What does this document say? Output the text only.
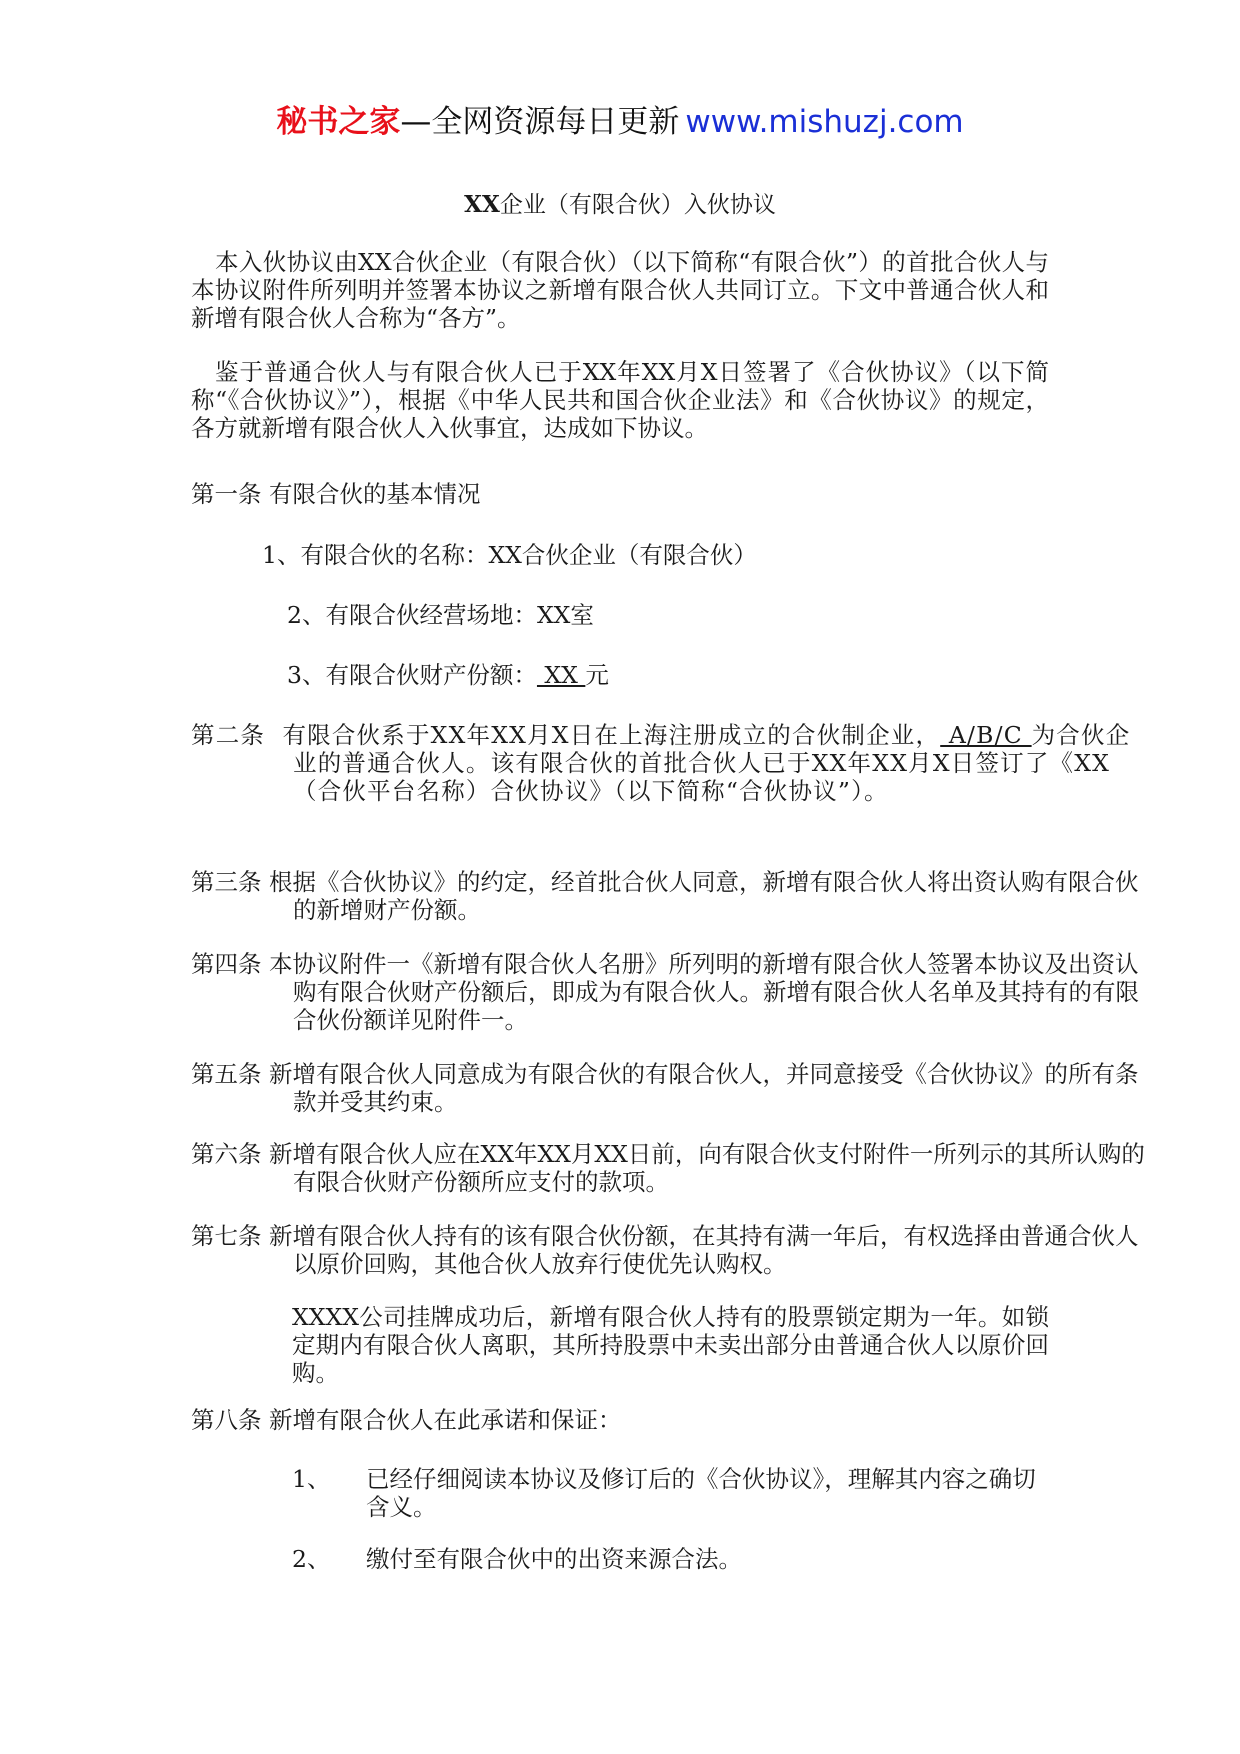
秘书之家—全网资源每日更新 www.mishuzj.com
XX企业（有限合伙）入伙协议
本入伙协议由XX合伙企业（有限合伙）（以下简称“有限合伙”）的首批合伙人与本协议附件所列明并签署本协议之新增有限合伙人共同订立。下文中普通合伙人和新增有限合伙人合称为“各方”。
鉴于普通合伙人与有限合伙人已于XX年XX月X日签署了《合伙协议》（以下简称“《合伙协议》”），根据《中华人民共和国合伙企业法》和《合伙协议》的规定，各方就新增有限合伙人入伙事宜，达成如下协议。
第一条 有限合伙的基本情况
1、有限合伙的名称：XX合伙企业（有限合伙）
2、有限合伙经营场地：XX室
3、有限合伙财产份额： XX 元
第二条 有限合伙系于XX年XX月X日在上海注册成立的合伙制企业， A/B/C 为合伙企业的普通合伙人。该有限合伙的首批合伙人已于XX年XX月X日签订了《XX（合伙平台名称）合伙协议》（以下简称“合伙协议”）。
第三条 根据《合伙协议》的约定，经首批合伙人同意，新增有限合伙人将出资认购有限合伙的新增财产份额。
第四条 本协议附件一《新增有限合伙人名册》所列明的新增有限合伙人签署本协议及出资认购有限合伙财产份额后，即成为有限合伙人。新增有限合伙人名单及其持有的有限合伙份额详见附件一。
第五条 新增有限合伙人同意成为有限合伙的有限合伙人，并同意接受《合伙协议》的所有条款并受其约束。
第六条 新增有限合伙人应在XX年XX月XX日前，向有限合伙支付附件一所列示的其所认购的有限合伙财产份额所应支付的款项。
第七条 新增有限合伙人持有的该有限合伙份额，在其持有满一年后，有权选择由普通合伙人以原价回购，其他合伙人放弃行使优先认购权。
XXXX公司挂牌成功后，新增有限合伙人持有的股票锁定期为一年。如锁定期内有限合伙人离职，其所持股票中未卖出部分由普通合伙人以原价回购。
第八条 新增有限合伙人在此承诺和保证：
1、	已经仔细阅读本协议及修订后的《合伙协议》，理解其内容之确切含义。
2、	缴付至有限合伙中的出资来源合法。
